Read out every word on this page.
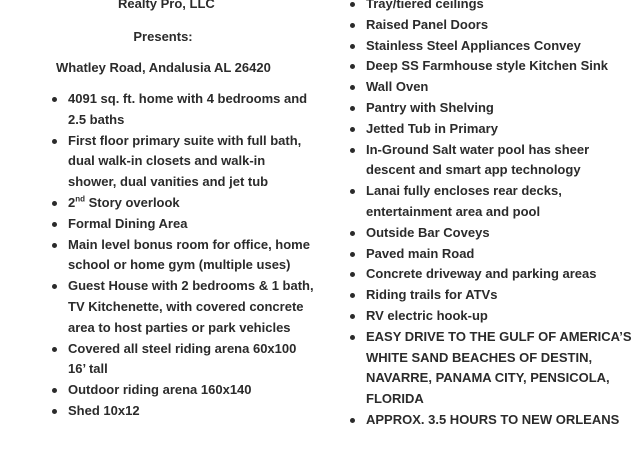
Realty Pro, LLC
Presents:
Whatley Road, Andalusia AL 26420
4091 sq. ft. home with 4 bedrooms and 2.5 baths
First floor primary suite with full bath, dual walk-in closets and walk-in shower, dual vanities and jet tub
2nd Story overlook
Formal Dining Area
Main level bonus room for office, home school or home gym (multiple uses)
Guest House with 2 bedrooms & 1 bath, TV Kitchenette, with covered concrete area to host parties or park vehicles
Covered all steel riding arena 60x100 16’ tall
Outdoor riding arena 160x140
Shed 10x12
Tray/tiered ceilings
Raised Panel Doors
Stainless Steel Appliances Convey
Deep SS Farmhouse style Kitchen Sink
Wall Oven
Pantry with Shelving
Jetted Tub in Primary
In-Ground Salt water pool has sheer descent and smart app technology
Lanai fully encloses rear decks, entertainment area and pool
Outside Bar Coveys
Paved main Road
Concrete driveway and parking areas
Riding trails for ATVs
RV electric hook-up
EASY DRIVE TO THE GULF OF AMERICA’S WHITE SAND BEACHES OF DESTIN, NAVARRE, PANAMA CITY, PENSICOLA, FLORIDA
APPROX. 3.5 HOURS TO NEW ORLEANS
